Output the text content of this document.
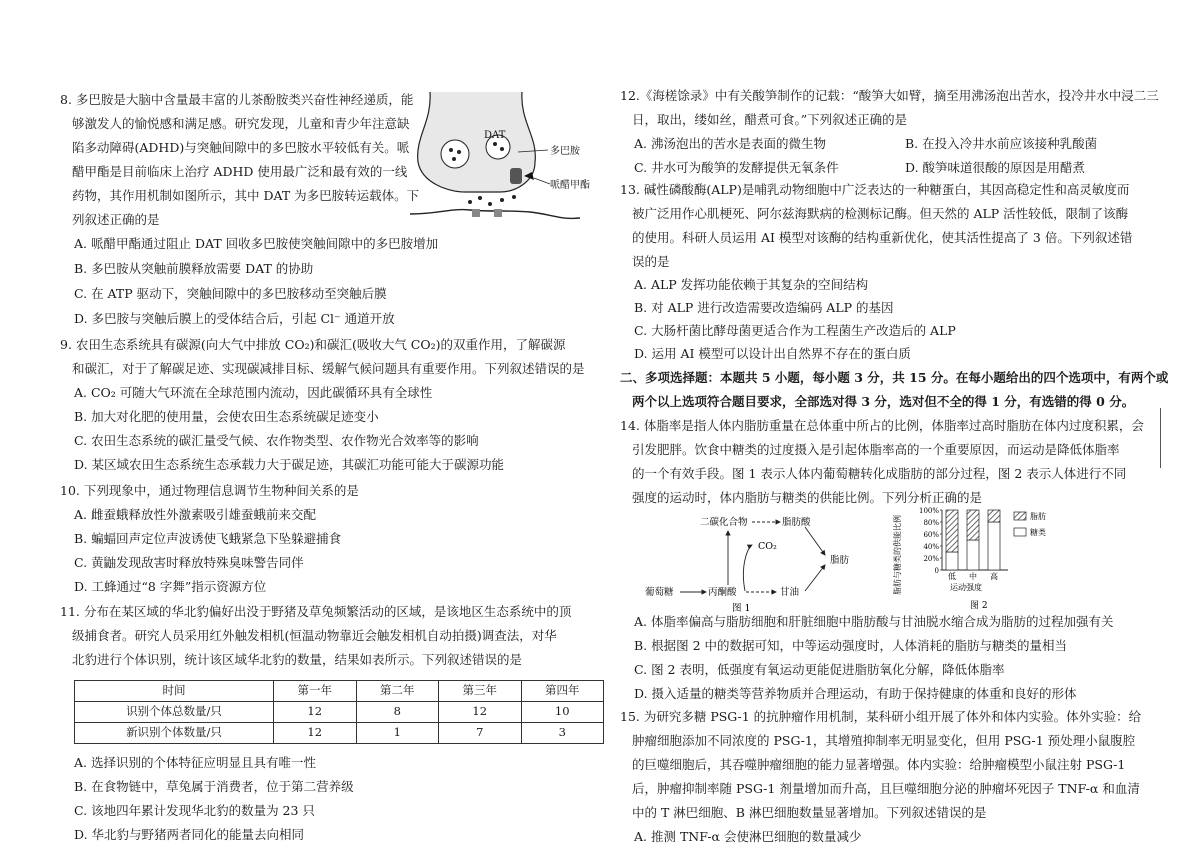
8. 多巴胺是大脑中含量最丰富的儿茶酚胺类兴奋性神经递质，能
够激发人的愉悦感和满足感。研究发现，儿童和青少年注意缺
陷多动障碍(ADHD)与突触间隙中的多巴胺水平较低有关。哌
醋甲酯是目前临床上治疗 ADHD 使用最广泛和最有效的一线
药物，其作用机制如图所示，其中 DAT 为多巴胺转运载体。下
列叙述正确的是
A. 哌醋甲酯通过阻止 DAT 回收多巴胺使突触间隙中的多巴胺增加
B. 多巴胺从突触前膜释放需要 DAT 的协助
C. 在 ATP 驱动下，突触间隙中的多巴胺移动至突触后膜
D. 多巴胺与突触后膜上的受体结合后，引起 Cl⁻ 通道开放
DAT
多巴胺
哌醋甲酯
9. 农田生态系统具有碳源(向大气中排放 CO₂)和碳汇(吸收大气 CO₂)的双重作用，了解碳源
和碳汇，对于了解碳足迹、实现碳减排目标、缓解气候问题具有重要作用。下列叙述错误的是
A. CO₂ 可随大气环流在全球范围内流动，因此碳循环具有全球性
B. 加大对化肥的使用量，会使农田生态系统碳足迹变小
C. 农田生态系统的碳汇量受气候、农作物类型、农作物光合效率等的影响
D. 某区域农田生态系统生态承载力大于碳足迹，其碳汇功能可能大于碳源功能
10. 下列现象中，通过物理信息调节生物种间关系的是
A. 雌蚕蛾释放性外激素吸引雄蚕蛾前来交配
B. 蝙蝠回声定位声波诱使飞蛾紧急下坠躲避捕食
C. 黄鼬发现敌害时释放特殊臭味警告同伴
D. 工蜂通过“8 字舞”指示资源方位
11. 分布在某区域的华北豹偏好出没于野猪及草兔频繁活动的区域，是该地区生态系统中的顶
级捕食者。研究人员采用红外触发相机(恒温动物靠近会触发相机自动拍摄)调查法，对华
北豹进行个体识别，统计该区域华北豹的数量，结果如表所示。下列叙述错误的是
时间	第一年	第二年	第三年	第四年
识别个体总数量/只	12	8	12	10
新识别个体数量/只	12	1	7	3
A. 选择识别的个体特征应明显且具有唯一性
B. 在食物链中，草兔属于消费者，位于第二营养级
C. 该地四年累计发现华北豹的数量为 23 只
D. 华北豹与野猪两者同化的能量去向相同
12.《海槎馀录》中有关酸笋制作的记载：“酸笋大如臂，摘至用沸汤泡出苦水，投冷井水中浸二三
日，取出，缕如丝，醋煮可食。”下列叙述正确的是
A. 沸汤泡出的苦水是表面的微生物	B. 在投入冷井水前应该接种乳酸菌
C. 井水可为酸笋的发酵提供无氧条件	D. 酸笋味道很酸的原因是用醋煮
13. 碱性磷酸酶(ALP)是哺乳动物细胞中广泛表达的一种糖蛋白，其因高稳定性和高灵敏度而
被广泛用作心肌梗死、阿尔兹海默病的检测标记酶。但天然的 ALP 活性较低，限制了该酶
的使用。科研人员运用 AI 模型对该酶的结构重新优化，使其活性提高了 3 倍。下列叙述错
误的是
A. ALP 发挥功能依赖于其复杂的空间结构
B. 对 ALP 进行改造需要改造编码 ALP 的基因
C. 大肠杆菌比酵母菌更适合作为工程菌生产改造后的 ALP
D. 运用 AI 模型可以设计出自然界不存在的蛋白质
二、多项选择题：本题共 5 小题，每小题 3 分，共 15 分。在每小题给出的四个选项中，有两个或
两个以上选项符合题目要求，全部选对得 3 分，选对但不全的得 1 分，有选错的得 0 分。
14. 体脂率是指人体内脂肪重量在总体重中所占的比例，体脂率过高时脂肪在体内过度积累，会
引发肥胖。饮食中糖类的过度摄入是引起体脂率高的一个重要原因，而运动是降低体脂率
的一个有效手段。图 1 表示人体内葡萄糖转化成脂肪的部分过程，图 2 表示人体进行不同
强度的运动时，体内脂肪与糖类的供能比例。下列分析正确的是
二碳化合物	脂肪酸
CO₂
脂肪
葡萄糖	丙酮酸	甘油
图 1
脂肪与糖类的供能比例
100%
80%
60%
40%
20%
0
低 中 高
运动强度
脂肪
糖类
图 2
A. 体脂率偏高与脂肪细胞和肝脏细胞中脂肪酸与甘油脱水缩合成为脂肪的过程加强有关
B. 根据图 2 中的数据可知，中等运动强度时，人体消耗的脂肪与糖类的量相当
C. 图 2 表明，低强度有氧运动更能促进脂肪氧化分解，降低体脂率
D. 摄入适量的糖类等营养物质并合理运动，有助于保持健康的体重和良好的形体
15. 为研究多糖 PSG-1 的抗肿瘤作用机制，某科研小组开展了体外和体内实验。体外实验：给
肿瘤细胞添加不同浓度的 PSG-1，其增殖抑制率无明显变化，但用 PSG-1 预处理小鼠腹腔
的巨噬细胞后，其吞噬肿瘤细胞的能力显著增强。体内实验：给肿瘤模型小鼠注射 PSG-1
后，肿瘤抑制率随 PSG-1 剂量增加而升高，且巨噬细胞分泌的肿瘤坏死因子 TNF-α 和血清
中的 T 淋巴细胞、B 淋巴细胞数量显著增加。下列叙述错误的是
A. 推测 TNF-α 会使淋巴细胞的数量减少
